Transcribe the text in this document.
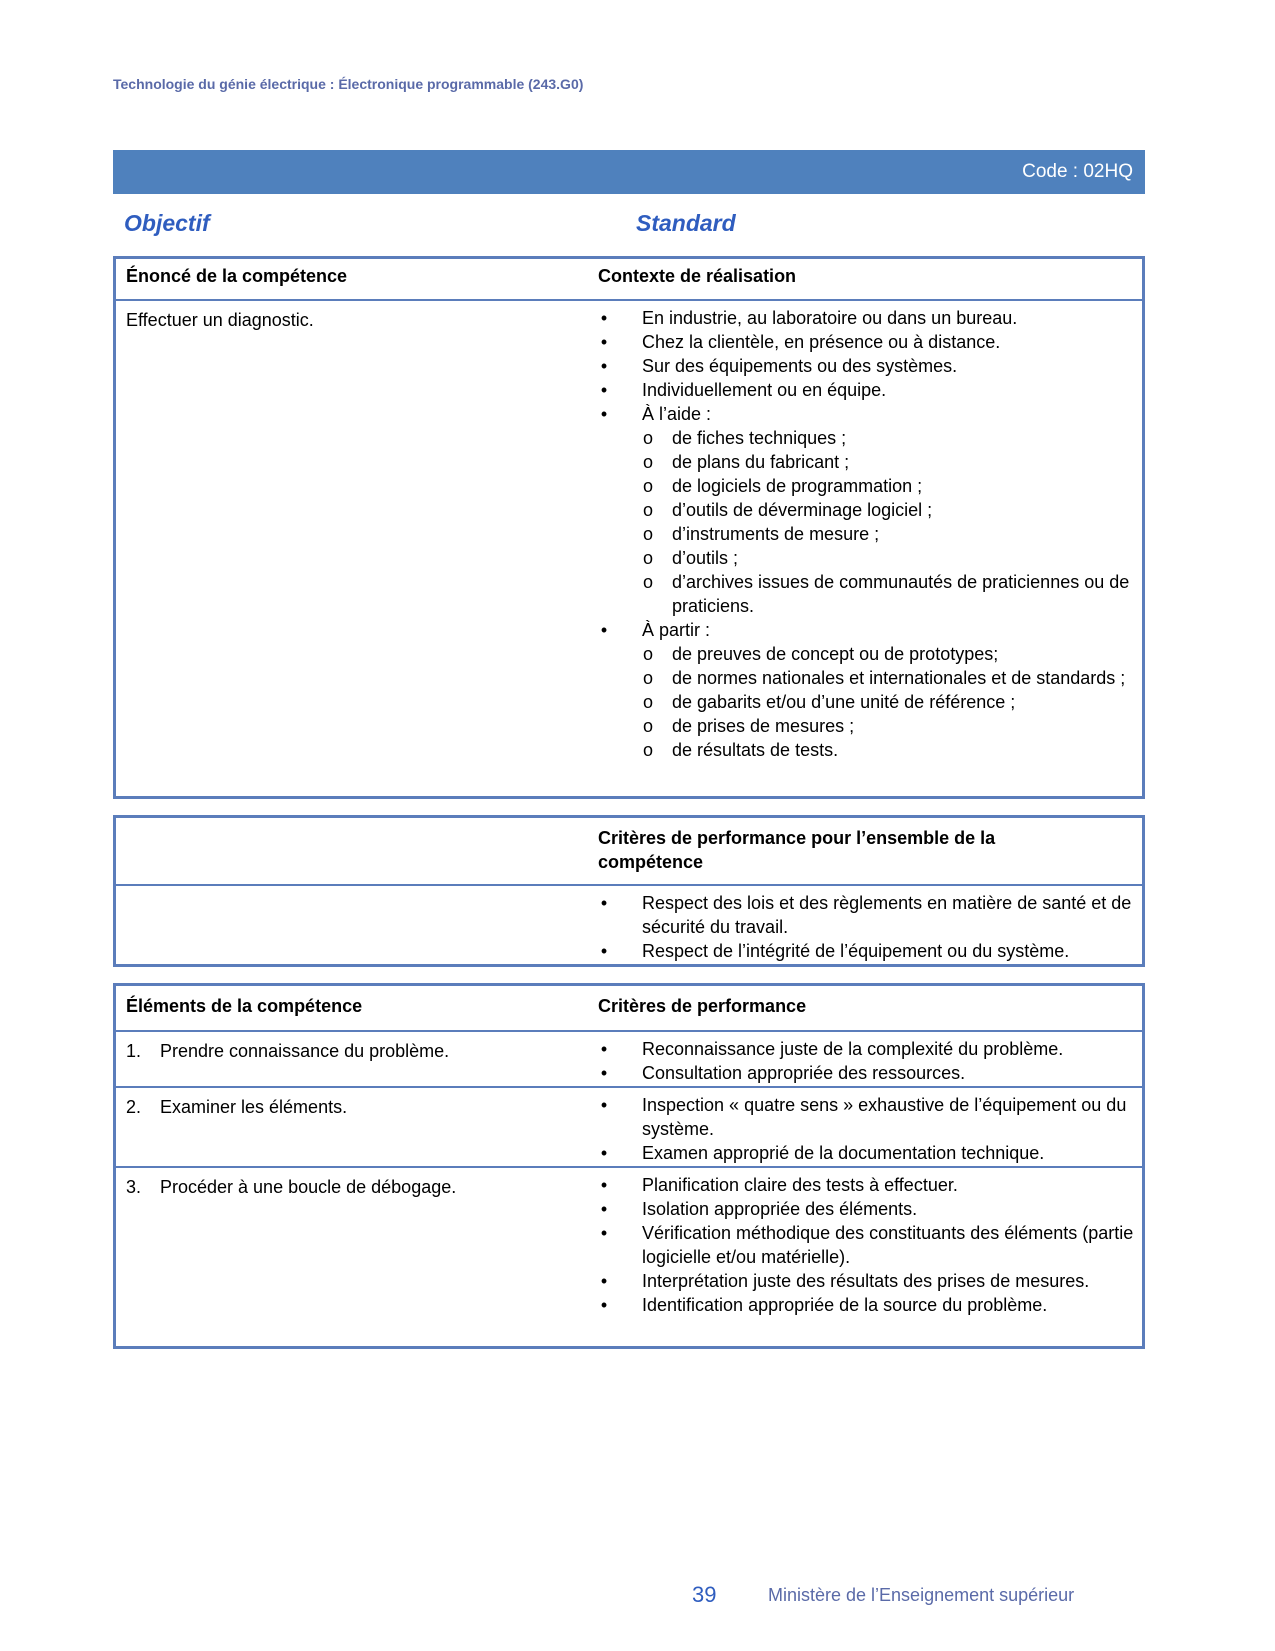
Technologie du génie électrique : Électronique programmable (243.G0)
Code : 02HQ
Objectif	Standard
Énoncé de la compétence	Contexte de réalisation
Effectuer un diagnostic.	• En industrie, au laboratoire ou dans un bureau.
• Chez la clientèle, en présence ou à distance.
• Sur des équipements ou des systèmes.
• Individuellement ou en équipe.
• À l’aide :
o de fiches techniques ;
o de plans du fabricant ;
o de logiciels de programmation ;
o d’outils de déverminage logiciel ;
o d’instruments de mesure ;
o d’outils ;
o d’archives issues de communautés de praticiennes ou de praticiens.
• À partir :
o de preuves de concept ou de prototypes;
o de normes nationales et internationales et de standards ;
o de gabarits et/ou d’une unité de référence ;
o de prises de mesures ;
o de résultats de tests.
Critères de performance pour l’ensemble de la compétence
• Respect des lois et des règlements en matière de santé et de sécurité du travail.
• Respect de l’intégrité de l’équipement ou du système.
Éléments de la compétence	Critères de performance
1. Prendre connaissance du problème.	• Reconnaissance juste de la complexité du problème.
• Consultation appropriée des ressources.
2. Examiner les éléments.	• Inspection « quatre sens » exhaustive de l’équipement ou du système.
• Examen approprié de la documentation technique.
3. Procéder à une boucle de débogage.	• Planification claire des tests à effectuer.
• Isolation appropriée des éléments.
• Vérification méthodique des constituants des éléments (partie logicielle et/ou matérielle).
• Interprétation juste des résultats des prises de mesures.
• Identification appropriée de la source du problème.
39	Ministère de l’Enseignement supérieur
